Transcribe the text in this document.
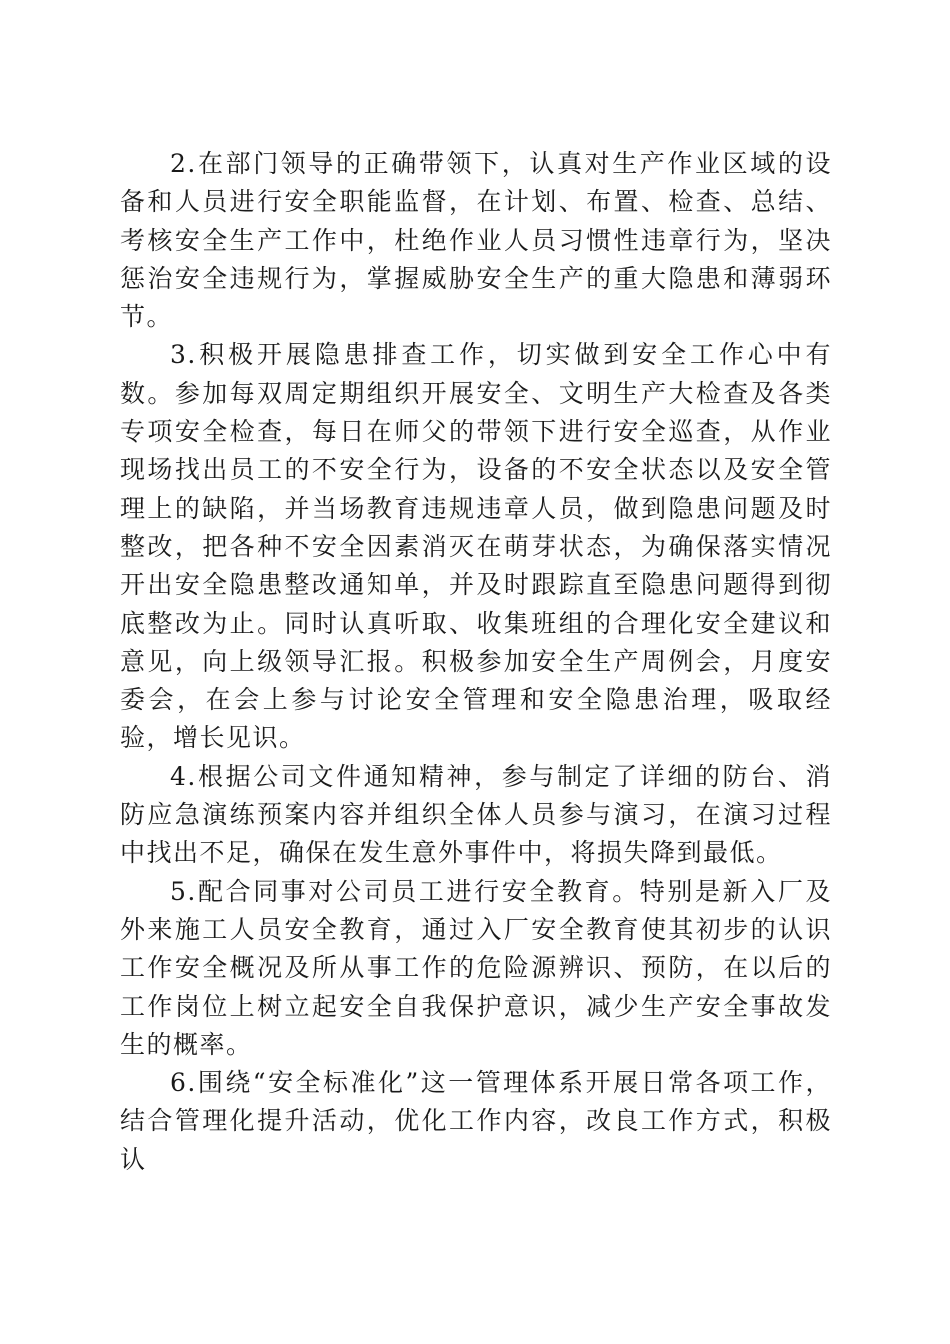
2.在部门领导的正确带领下，认真对生产作业区域的设备和人员进行安全职能监督，在计划、布置、检查、总结、考核安全生产工作中，杜绝作业人员习惯性违章行为，坚决惩治安全违规行为，掌握威胁安全生产的重大隐患和薄弱环节。

3.积极开展隐患排查工作，切实做到安全工作心中有数。参加每双周定期组织开展安全、文明生产大检查及各类专项安全检查，每日在师父的带领下进行安全巡查，从作业现场找出员工的不安全行为，设备的不安全状态以及安全管理上的缺陷，并当场教育违规违章人员，做到隐患问题及时整改，把各种不安全因素消灭在萌芽状态，为确保落实情况开出安全隐患整改通知单，并及时跟踪直至隐患问题得到彻底整改为止。同时认真听取、收集班组的合理化安全建议和意见，向上级领导汇报。积极参加安全生产周例会，月度安委会，在会上参与讨论安全管理和安全隐患治理，吸取经验，增长见识。

4.根据公司文件通知精神，参与制定了详细的防台、消防应急演练预案内容并组织全体人员参与演习，在演习过程中找出不足，确保在发生意外事件中，将损失降到最低。

5.配合同事对公司员工进行安全教育。特别是新入厂及外来施工人员安全教育，通过入厂安全教育使其初步的认识工作安全概况及所从事工作的危险源辨识、预防，在以后的工作岗位上树立起安全自我保护意识，减少生产安全事故发生的概率。

6.围绕“安全标准化”这一管理体系开展日常各项工作，结合管理化提升活动，优化工作内容，改良工作方式，积极认
